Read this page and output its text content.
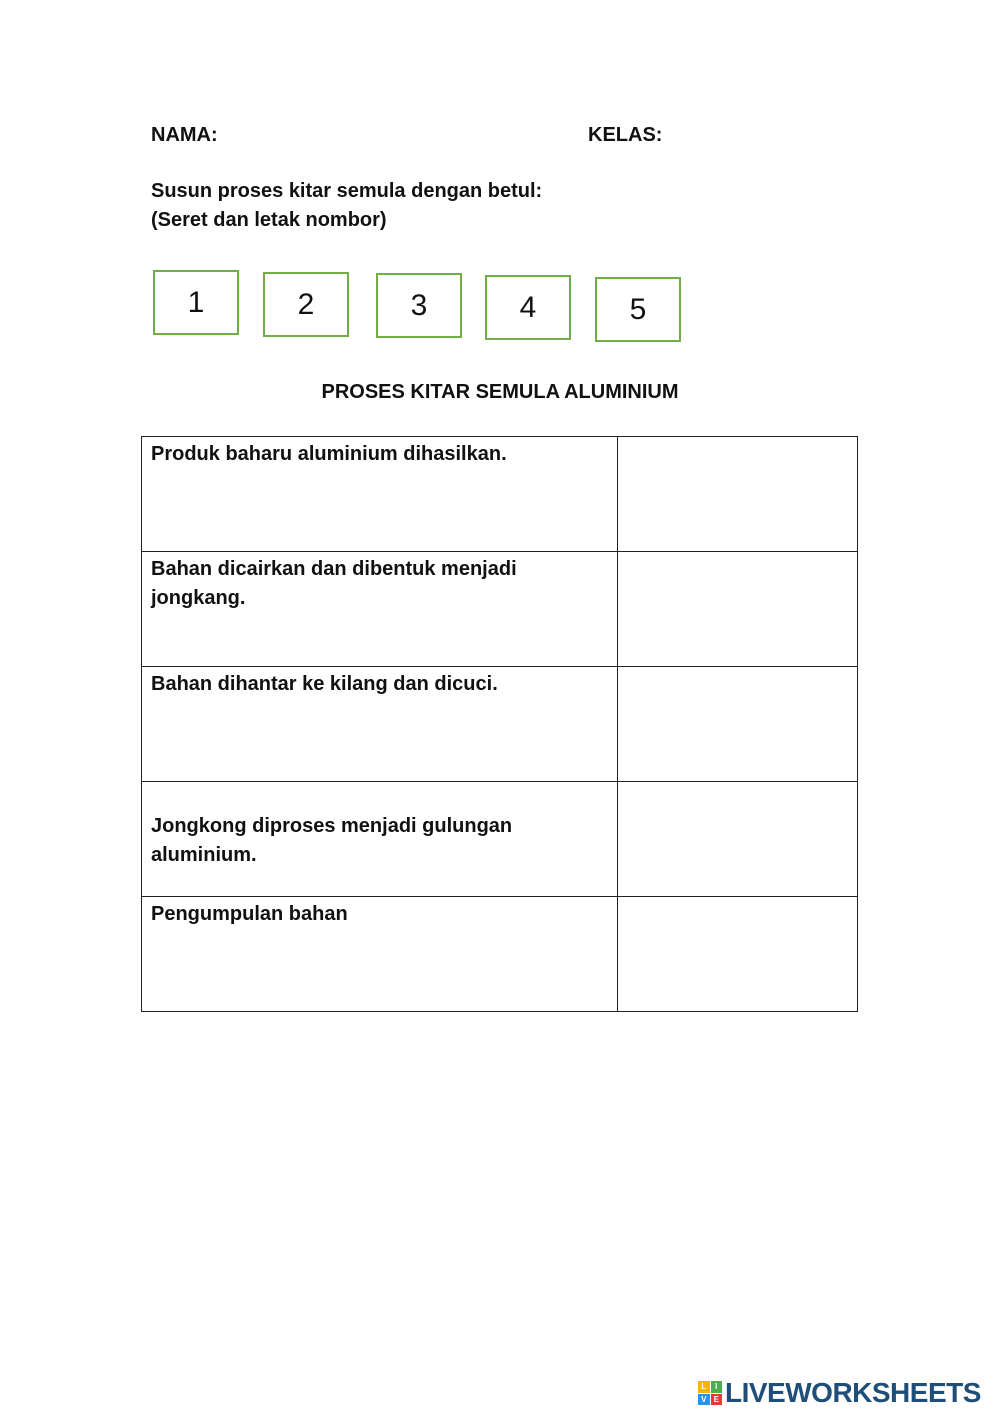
NAMA:	KELAS:
Susun proses kitar semula dengan betul:
(Seret dan letak nombor)
1	2	3	4	5
PROSES KITAR SEMULA ALUMINIUM
Produk baharu aluminium dihasilkan.	

Bahan dicairkan dan dibentuk menjadi jongkang.	

Bahan dihantar ke kilang dan dicuci.	

Jongkong diproses menjadi gulungan aluminium.	

Pengumpulan bahan	

L	I
V E LIVEWORKSHEETS
